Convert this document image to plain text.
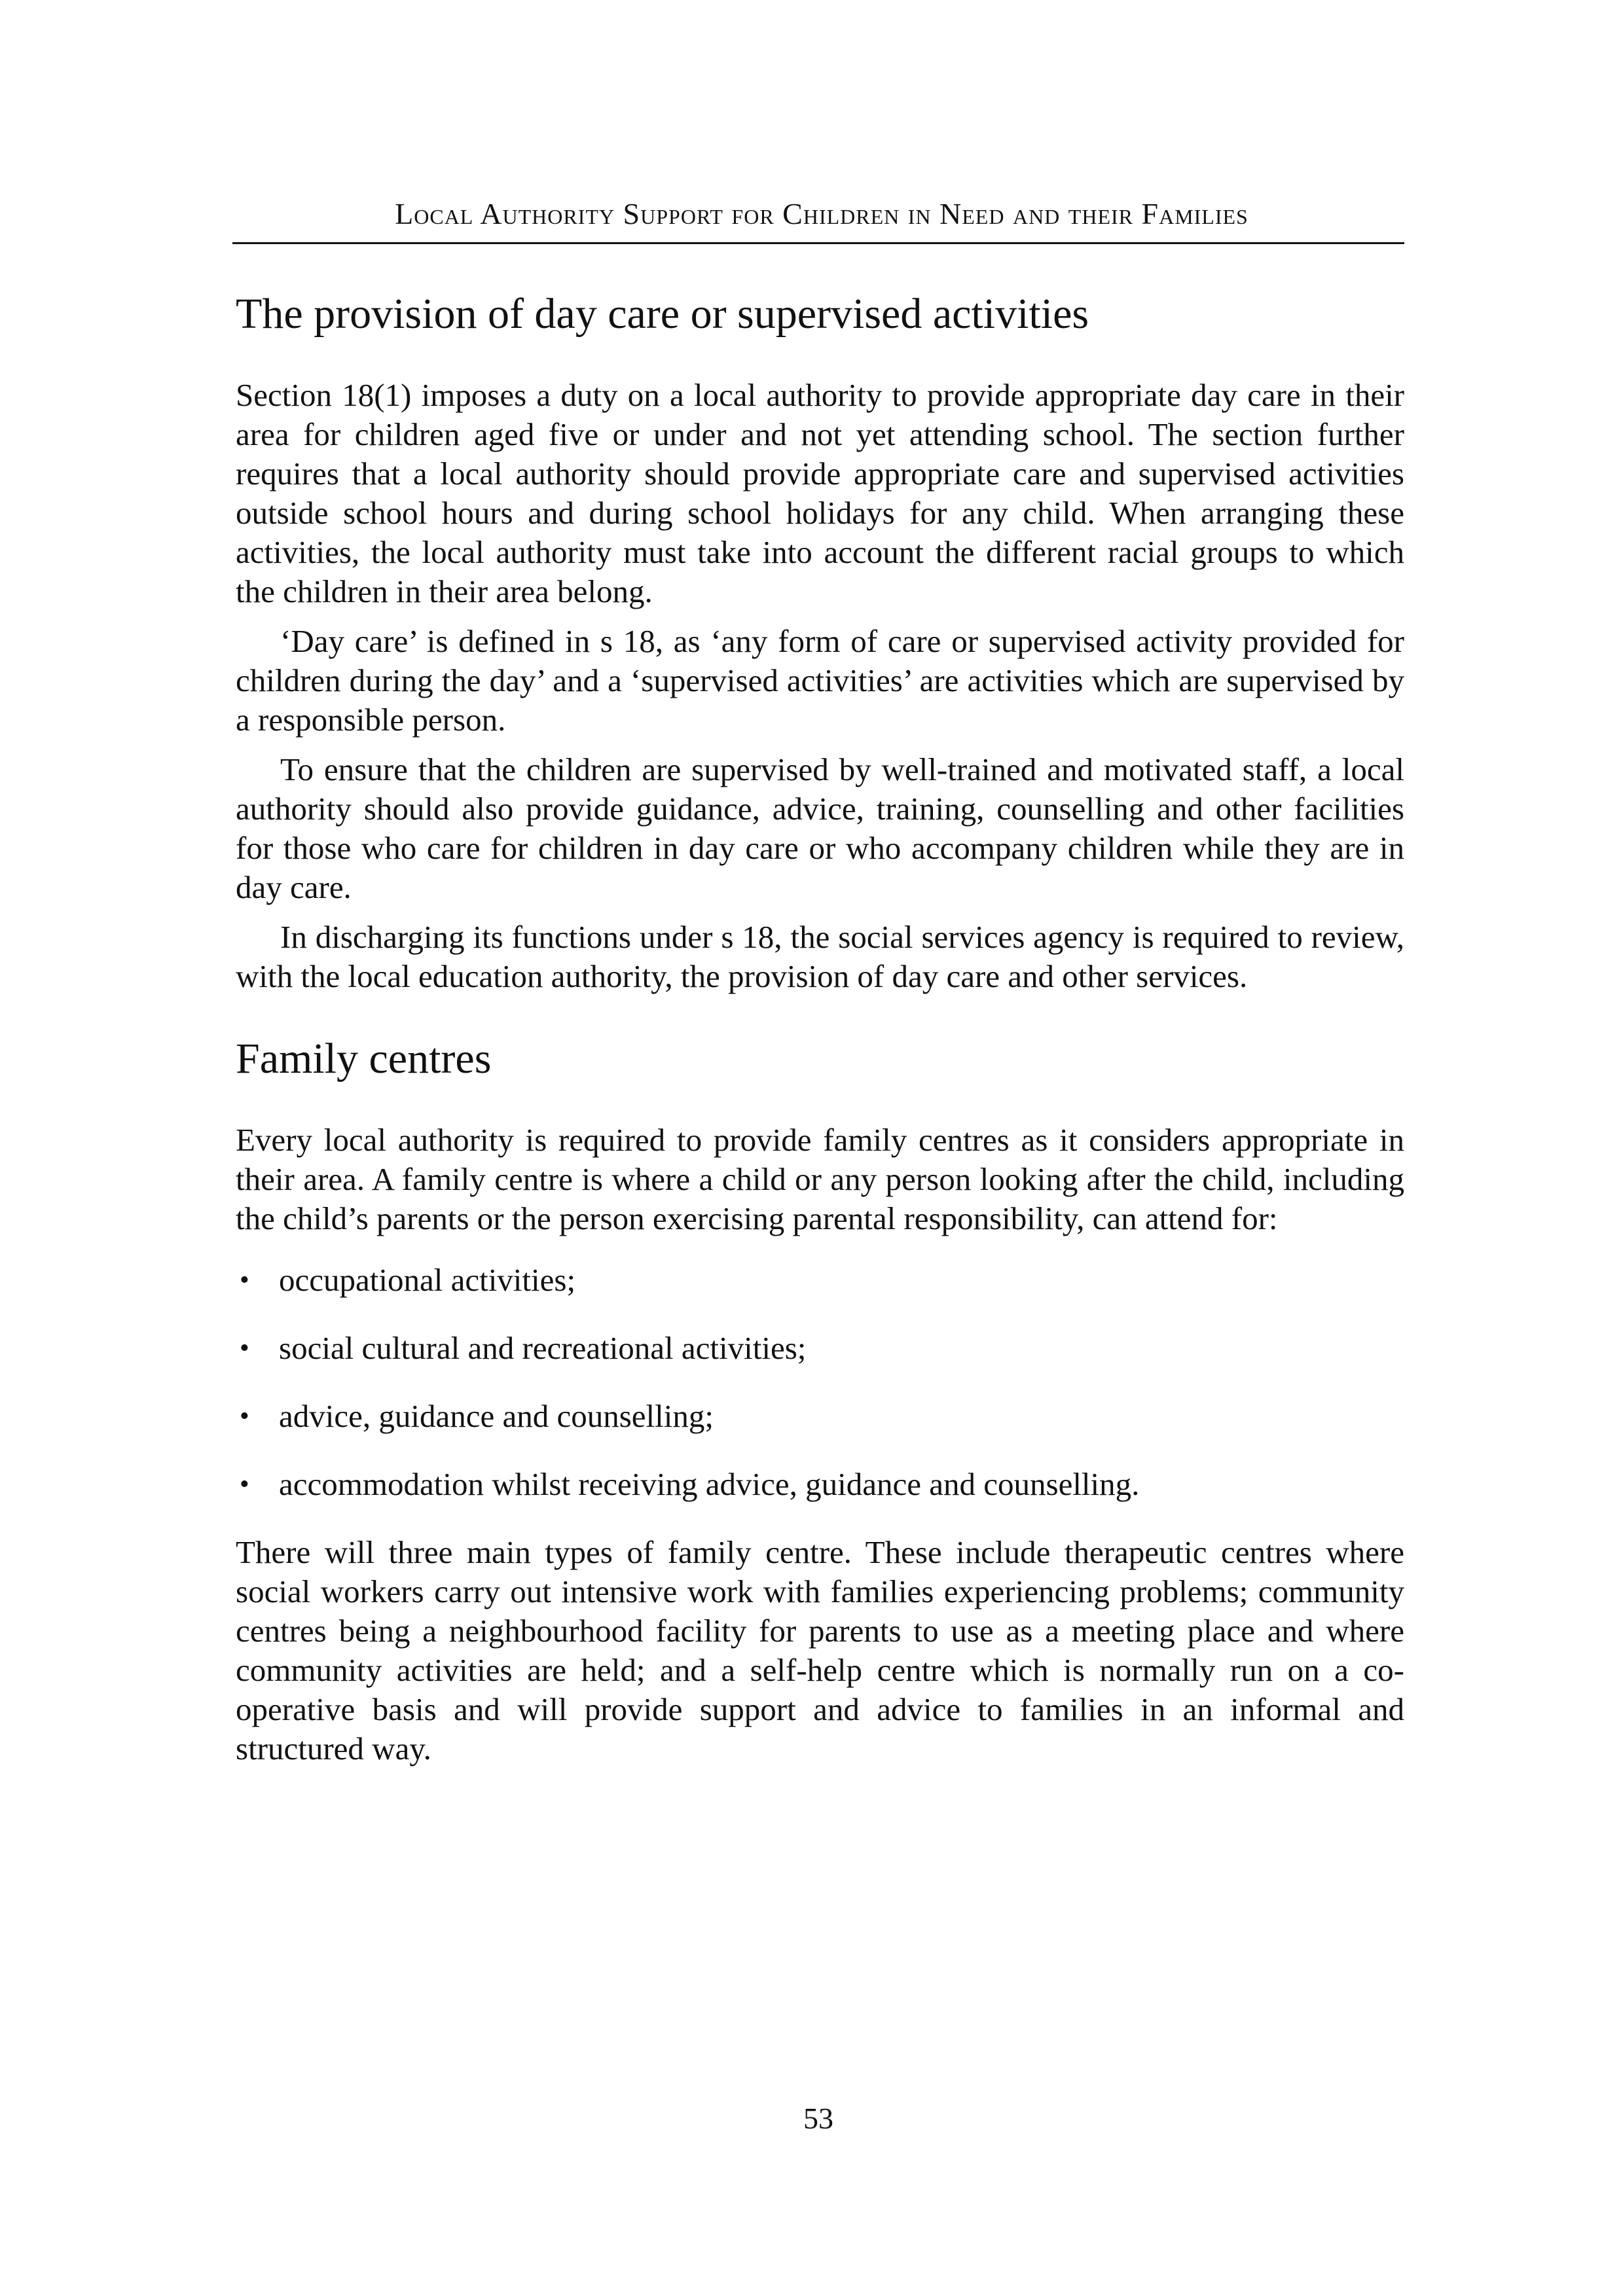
Local Authority Support for Children in Need and their Families
The provision of day care or supervised activities

Section 18(1) imposes a duty on a local authority to provide appropriate day care in their area for children aged five or under and not yet attending school. The section further requires that a local authority should provide appropriate care and supervised activities outside school hours and during school holidays for any child. When arranging these activities, the local authority must take into account the different racial groups to which the children in their area belong.

‘Day care’ is defined in s 18, as ‘any form of care or supervised activity provided for children during the day’ and a ‘supervised activities’ are activities which are supervised by a responsible person.

To ensure that the children are supervised by well-trained and motivated staff, a local authority should also provide guidance, advice, training, counselling and other facilities for those who care for children in day care or who accompany children while they are in day care.

In discharging its functions under s 18, the social services agency is required to review, with the local education authority, the provision of day care and other services.

Family centres

Every local authority is required to provide family centres as it considers appropriate in their area. A family centre is where a child or any person looking after the child, including the child’s parents or the person exercising parental responsibility, can attend for:

• occupational activities;
• social cultural and recreational activities;
• advice, guidance and counselling;
• accommodation whilst receiving advice, guidance and counselling.

There will three main types of family centre. These include therapeutic centres where social workers carry out intensive work with families experiencing problems; community centres being a neighbourhood facility for parents to use as a meeting place and where community activities are held; and a self-help centre which is normally run on a co-operative basis and will provide support and advice to families in an informal and structured way.

53
